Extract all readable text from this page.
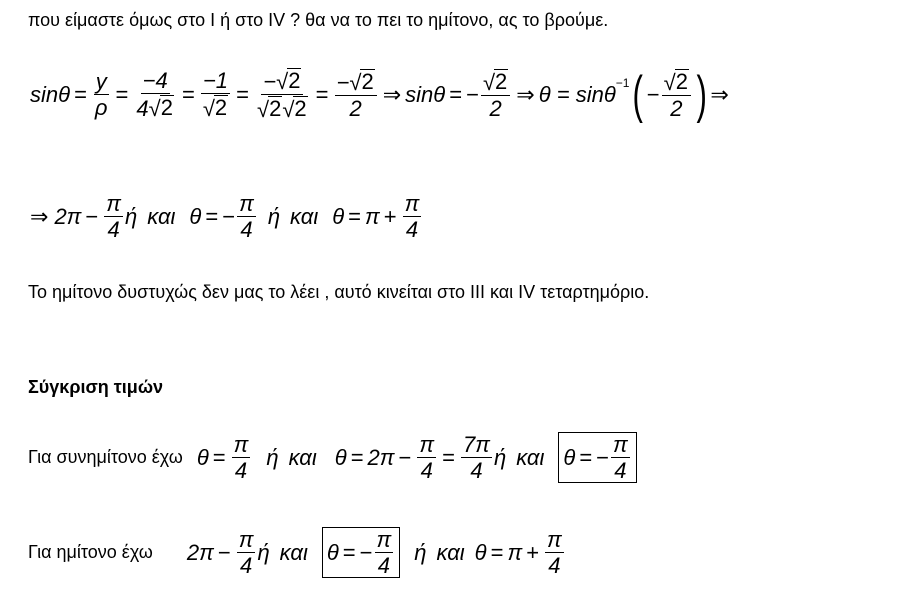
που είμαστε όμως στο Ι ή στο IV ? θα να το πει το ημίτονο, ας το βρούμε.
$\sin\theta = \frac{y}{\rho} = \frac{-4}{4 √ 2} = \frac{-1}{√ 2} = \frac{- √ 2}{√ 2 √ 2} = \frac{- √ 2}{2}$ ⇒ sinθ = − $\frac{√ 2}{2}$ ⇒ θ = sinθ$^{-1}$ ( − $\frac{√ 2}{2}$ ) ⇒
⇒ $2\pi - \frac{\pi}{4}$ ή και θ = − $\frac{\pi}{4}$ ή και $\theta = \pi + \frac{\pi}{4}$
Το ημίτονο δυστυχώς δεν μας το λέει , αυτό κινείται στο ΙΙΙ και IV τεταρτημόριο.
Σύγκριση τιμών
Για συνημίτονο έχω $\theta = \frac{\pi}{4}$ ή και $\theta = 2\pi - \frac{\pi}{4} = \frac{7\pi}{4}$ ή και θ = − $\frac{\pi}{4}$
Για ημίτονο έχω $2\pi - \frac{\pi}{4}$ ή και θ = − $\frac{\pi}{4}$ ή και $\theta = \pi + \frac{\pi}{4}$
